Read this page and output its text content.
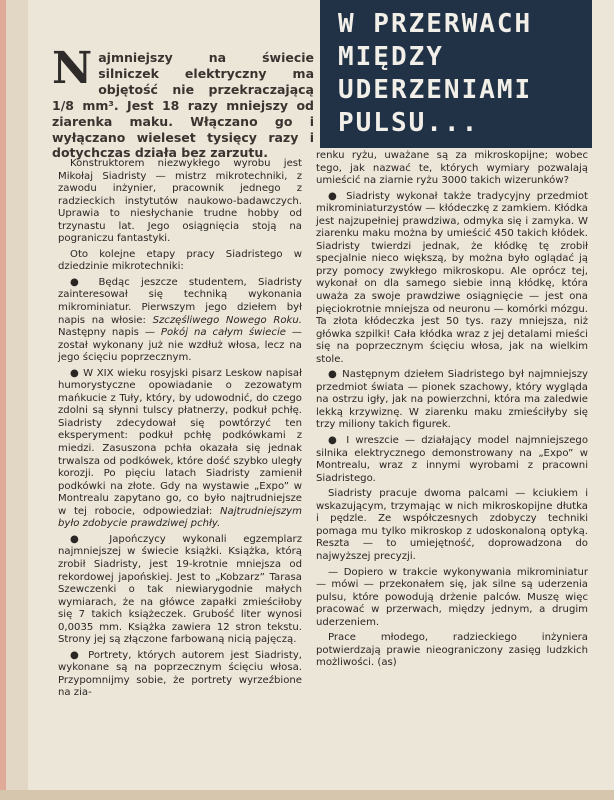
W PRZERWACH
MIĘDZY
UDERZENIAMI
PULSU...
N ajmniejszy na świecie silniczek elektryczny ma objętość nie przekraczającą 1/8 mm³. Jest 18 razy mniejszy od ziarenka maku. Włączano go i wyłączano wieleset tysięcy razy i dotychczas działa bez zarzutu.

Konstruktorem niezwykłego wyrobu jest Mikołaj Siadristy — mistrz mikrotechniki, z zawodu inżynier, pracownik jednego z radzieckich instytutów naukowo-badawczych. Uprawia to niesłychanie trudne hobby od trzynastu lat. Jego osiągnięcia stoją na pograniczu fantastyki.

Oto kolejne etapy pracy Siadristego w dziedzinie mikrotechniki:

● Będąc jeszcze studentem, Siadristy zainteresował się techniką wykonania mikrominiatur. Pierwszym jego dziełem był napis na włosie: Szczęśliwego Nowego Roku. Następny napis — Pokój na całym świecie — został wykonany już nie wzdłuż włosa, lecz na jego ścięciu poprzecznym.

● W XIX wieku rosyjski pisarz Leskow napisał humorystyczne opowiadanie o zezowatym mańkucie z Tuły, który, by udowodnić, do czego zdolni są słynni tulscy płatnerzy, podkuł pchłę. Siadristy zdecydował się powtórzyć ten eksperyment: podkuł pchłę podkówkami z miedzi. Zasuszona pchła okazała się jednak trwalsza od podkówek, które dość szybko uległy korozji. Po pięciu latach Siadristy zamienił podkówki na złote. Gdy na wystawie „Expo” w Montrealu zapytano go, co było najtrudniejsze w tej robocie, odpowiedział: Najtrudniejszym było zdobycie prawdziwej pchły.

● Japończycy wykonali egzemplarz najmniejszej w świecie książki. Książka, którą zrobił Siadristy, jest 19-krotnie mniejsza od rekordowej japońskiej. Jest to „Kobzarz” Tarasa Szewczenki o tak niewiarygodnie małych wymiarach, że na główce zapałki zmieściłoby się 7 takich książeczek. Grubość liter wynosi 0,0035 mm. Książka zawiera 12 stron tekstu. Strony jej są złączone farbowaną nicią pajęczą.

● Portrety, których autorem jest Siadristy, wykonane są na poprzecznym ścięciu włosa. Przypomnijmy sobie, że portrety wyrzeźbione na zia-

renku ryżu, uważane są za mikroskopijne; wobec tego, jak nazwać te, których wymiary pozwalają umieścić na ziarnie ryżu 3000 takich wizerunków?

● Siadristy wykonał także tradycyjny przedmiot mikrominiaturzystów — kłódeczkę z zamkiem. Kłódka jest najzupełniej prawdziwa, odmyka się i zamyka. W ziarenku maku można by umieścić 450 takich kłódek. Siadristy twierdzi jednak, że kłódkę tę zrobił specjalnie nieco większą, by można było oglądać ją przy pomocy zwykłego mikroskopu. Ale oprócz tej, wykonał on dla samego siebie inną kłódkę, która uważa za swoje prawdziwe osiągnięcie — jest ona pięciokrotnie mniejsza od neuronu — komórki mózgu. Ta złota kłódeczka jest 50 tys. razy mniejsza, niż główka szpilki! Cała kłódka wraz z jej detalami mieści się na poprzecznym ścięciu włosa, jak na wielkim stole.

● Następnym dziełem Siadristego był najmniejszy przedmiot świata — pionek szachowy, który wygląda na ostrzu igły, jak na powierzchni, która ma zaledwie lekką krzywiznę. W ziarenku maku zmieściłyby się trzy miliony takich figurek.

● I wreszcie — działający model najmniejszego silnika elektrycznego demonstrowany na „Expo” w Montrealu, wraz z innymi wyrobami z pracowni Siadristego.

Siadristy pracuje dwoma palcami — kciukiem i wskazującym, trzymając w nich mikroskopijne dłutka i pędzle. Ze współczesnych zdobyczy techniki pomaga mu tylko mikroskop z udoskonaloną optyką. Reszta — to umiejętność, doprowadzona do najwyższej precyzji.

— Dopiero w trakcie wykonywania mikrominiatur — mówi — przekonałem się, jak silne są uderzenia pulsu, które powodują drżenie palców. Muszę więc pracować w przerwach, między jednym, a drugim uderzeniem.

Prace młodego, radzieckiego inżyniera potwierdzają prawie nieograniczony zasięg ludzkich możliwości. (as)
